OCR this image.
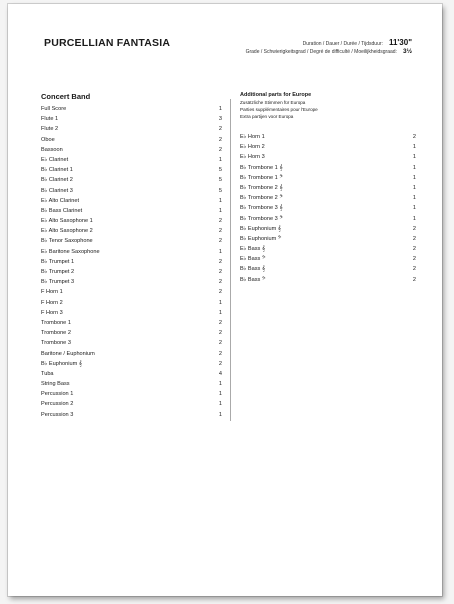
PURCELLIAN FANTASIA	Duration / Dauer / Durée / Tijdsduur: 11'30"
Grade / Schwierigkeitsgrad / Degré de difficulté / Moeilijkheidsgraad: 3½
Concert Band
Full Score	1
Flute 1	3
Flute 2	2
Oboe	2
Bassoon	2
E♭ Clarinet	1
B♭ Clarinet 1	5
B♭ Clarinet 2	5
B♭ Clarinet 3	5
E♭ Alto Clarinet	1
B♭ Bass Clarinet	1
E♭ Alto Saxophone 1	2
E♭ Alto Saxophone 2	2
B♭ Tenor Saxophone	2
E♭ Baritone Saxophone	1
B♭ Trumpet 1	2
B♭ Trumpet 2	2
B♭ Trumpet 3	2
F Horn 1	2
F Horn 2	1
F Horn 3	1
Trombone 1	2
Trombone 2	2
Trombone 3	2
Baritone / Euphonium	2
B♭ Euphonium 𝄞	2
Tuba	4
String Bass	1
Percussion 1	1
Percussion 2	1
Percussion 3	1
Additional parts for Europe
Zusätzliche Stimmen für Europa
Parties supplémentaires pour l'Europe
Extra partijen voor Europa
E♭ Horn 1	2
E♭ Horn 2	1
E♭ Horn 3	1
B♭ Trombone 1 𝄞	1
B♭ Trombone 1 𝄢	1
B♭ Trombone 2 𝄞	1
B♭ Trombone 2 𝄢	1
B♭ Trombone 3 𝄞	1
B♭ Trombone 3 𝄢	1
B♭ Euphonium 𝄞	2
B♭ Euphonium 𝄢	2
E♭ Bass 𝄞	2
E♭ Bass 𝄢	2
B♭ Bass 𝄞	2
B♭ Bass 𝄢	2
